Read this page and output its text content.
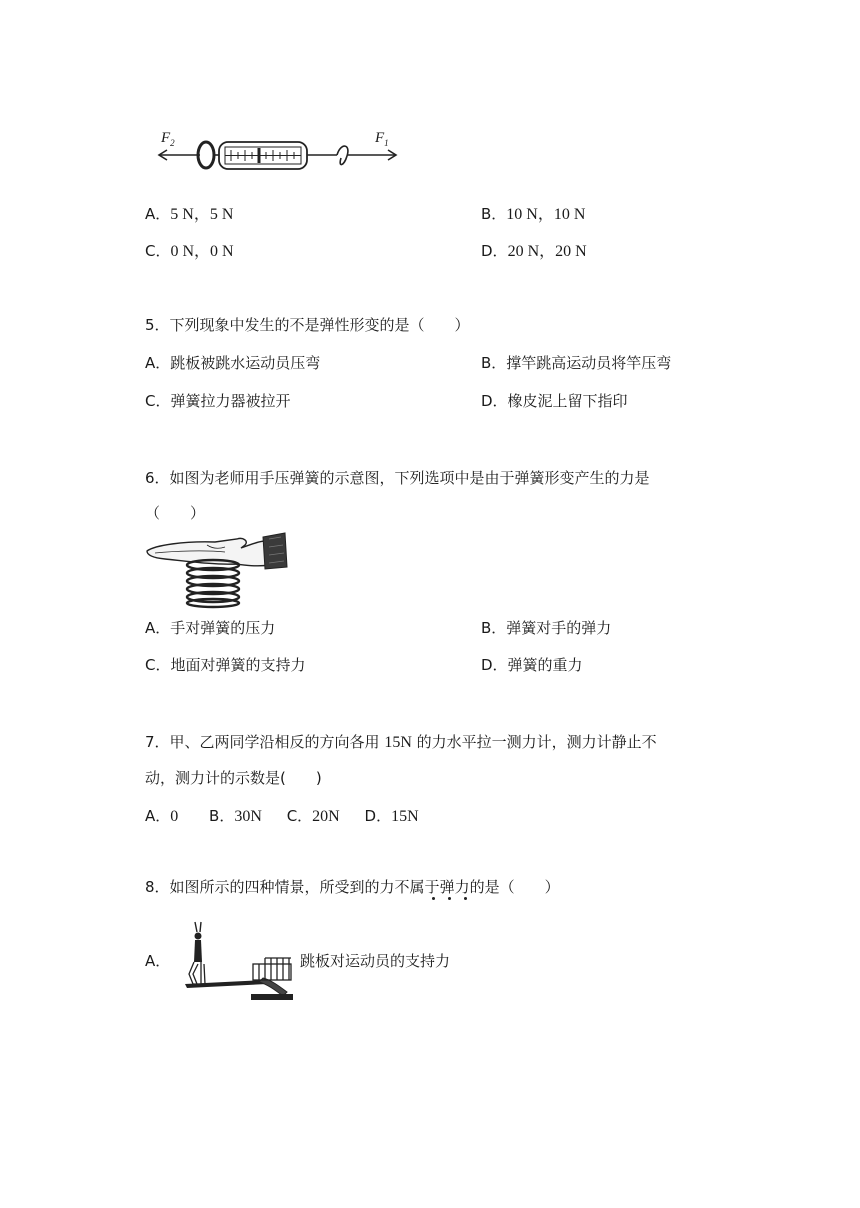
$F_2$	$F_1$
A．5 N，5 N	B．10 N，10 N
C．0 N，0 N	D．20 N，20 N
5．下列现象中发生的不是弹性形变的是（　　）
A．跳板被跳水运动员压弯	B．撑竿跳高运动员将竿压弯
C．弹簧拉力器被拉开	D．橡皮泥上留下指印
6．如图为老师用手压弹簧的示意图，下列选项中是由于弹簧形变产生的力是
（　　）
A．手对弹簧的压力	B．弹簧对手的弹力
C．地面对弹簧的支持力	D．弹簧的重力
7．甲、乙两同学沿相反的方向各用 15N 的力水平拉一测力计，测力计静止不
动，测力计的示数是(　　)
A．0 B．30N C．20N D．15N
8．如图所示的四种情景，所受到的力不属于弹力的是（　　）
A．	跳板对运动员的支持力
